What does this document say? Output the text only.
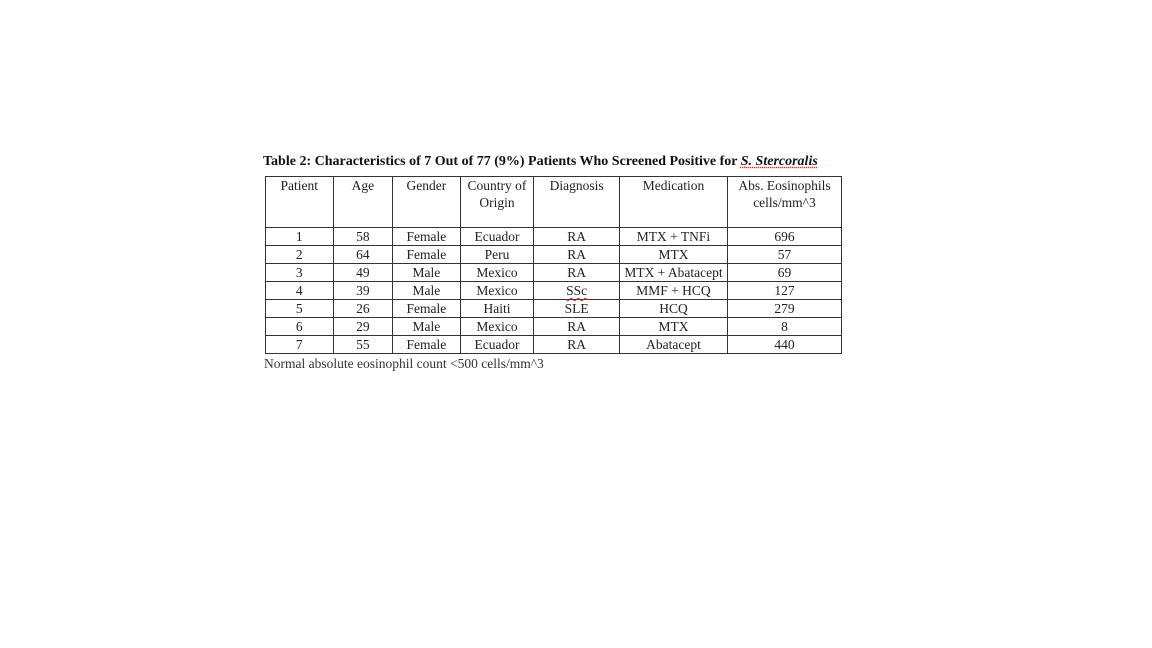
Table 2: Characteristics of 7 Out of 77 (9%) Patients Who Screened Positive for S. Stercoralis
Patient	Age	Gender	Country of Origin	Diagnosis	Medication	Abs. Eosinophils cells/mm^3
1	58	Female	Ecuador	RA	MTX + TNFi	696
2	64	Female	Peru	RA	MTX	57
3	49	Male	Mexico	RA	MTX + Abatacept	69
4	39	Male	Mexico	SSc	MMF + HCQ	127
5	26	Female	Haiti	SLE	HCQ	279
6	29	Male	Mexico	RA	MTX	8
7	55	Female	Ecuador	RA	Abatacept	440
Normal absolute eosinophil count <500 cells/mm^3
